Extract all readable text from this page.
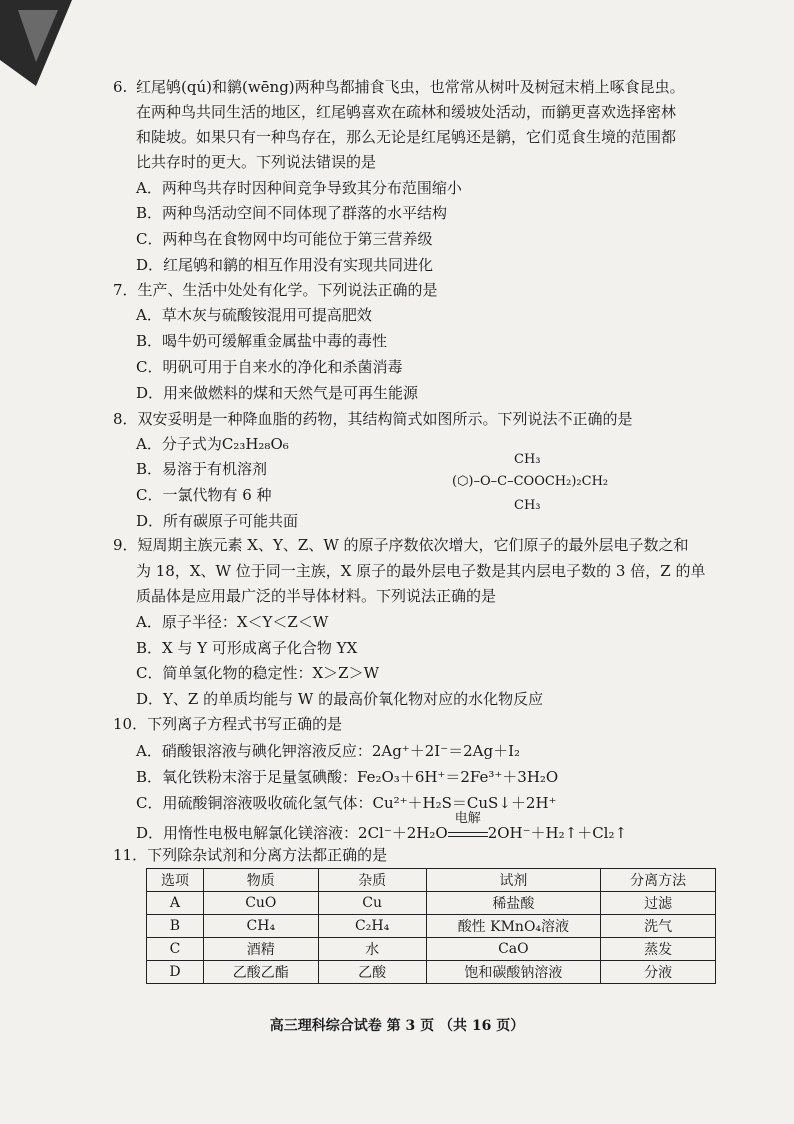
6. 红尾鸲(qú)和鹟(wēng)两种鸟都捕食飞虫，也常常从树叶及树冠末梢上啄食昆虫。
在两种鸟共同生活的地区，红尾鸲喜欢在疏林和缓坡处活动，而鹟更喜欢选择密林
和陡坡。如果只有一种鸟存在，那么无论是红尾鸲还是鹟，它们觅食生境的范围都
比共存时的更大。下列说法错误的是
A．两种鸟共存时因种间竞争导致其分布范围缩小
B．两种鸟活动空间不同体现了群落的水平结构
C．两种鸟在食物网中均可能位于第三营养级
D．红尾鸲和鹟的相互作用没有实现共同进化
7．生产、生活中处处有化学。下列说法正确的是
A．草木灰与硫酸铵混用可提高肥效
B．喝牛奶可缓解重金属盐中毒的毒性
C．明矾可用于自来水的净化和杀菌消毒
D．用来做燃料的煤和天然气是可再生能源
8．双安妥明是一种降血脂的药物，其结构简式如图所示。下列说法不正确的是
A．分子式为C₂₃H₂₈O₆
B．易溶于有机溶剂
C．一氯代物有 6 种
D．所有碳原子可能共面
CH₃
(⬡)–O–C–COOCH₂)₂CH₂
CH₃
9．短周期主族元素 X、Y、Z、W 的原子序数依次增大，它们原子的最外层电子数之和
为 18，X、W 位于同一主族，X 原子的最外层电子数是其内层电子数的 3 倍，Z 的单
质晶体是应用最广泛的半导体材料。下列说法正确的是
A．原子半径：X＜Y＜Z＜W
B．X 与 Y 可形成离子化合物 YX
C．简单氢化物的稳定性：X＞Z＞W
D．Y、Z 的单质均能与 W 的最高价氧化物对应的水化物反应
10．下列离子方程式书写正确的是
A．硝酸银溶液与碘化钾溶液反应：2Ag⁺＋2I⁻＝2Ag＋I₂
B．氧化铁粉末溶于足量氢碘酸：Fe₂O₃＋6H⁺＝2Fe³⁺＋3H₂O
C．用硫酸铜溶液吸收硫化氢气体：Cu²⁺＋H₂S＝CuS↓＋2H⁺
D．用惰性电极电解氯化镁溶液：2Cl⁻＋2H₂O
电解
2OH⁻＋H₂↑＋Cl₂↑
11．下列除杂试剂和分离方法都正确的是
选项	物质	杂质	试剂	分离方法
A	CuO	Cu	稀盐酸	过滤
B	CH₄	C₂H₄	酸性 KMnO₄溶液	洗气
C	酒精	水	CaO	蒸发
D	乙酸乙酯	乙酸	饱和碳酸钠溶液	分液
高三理科综合试卷 第 3 页 （共 16 页）
